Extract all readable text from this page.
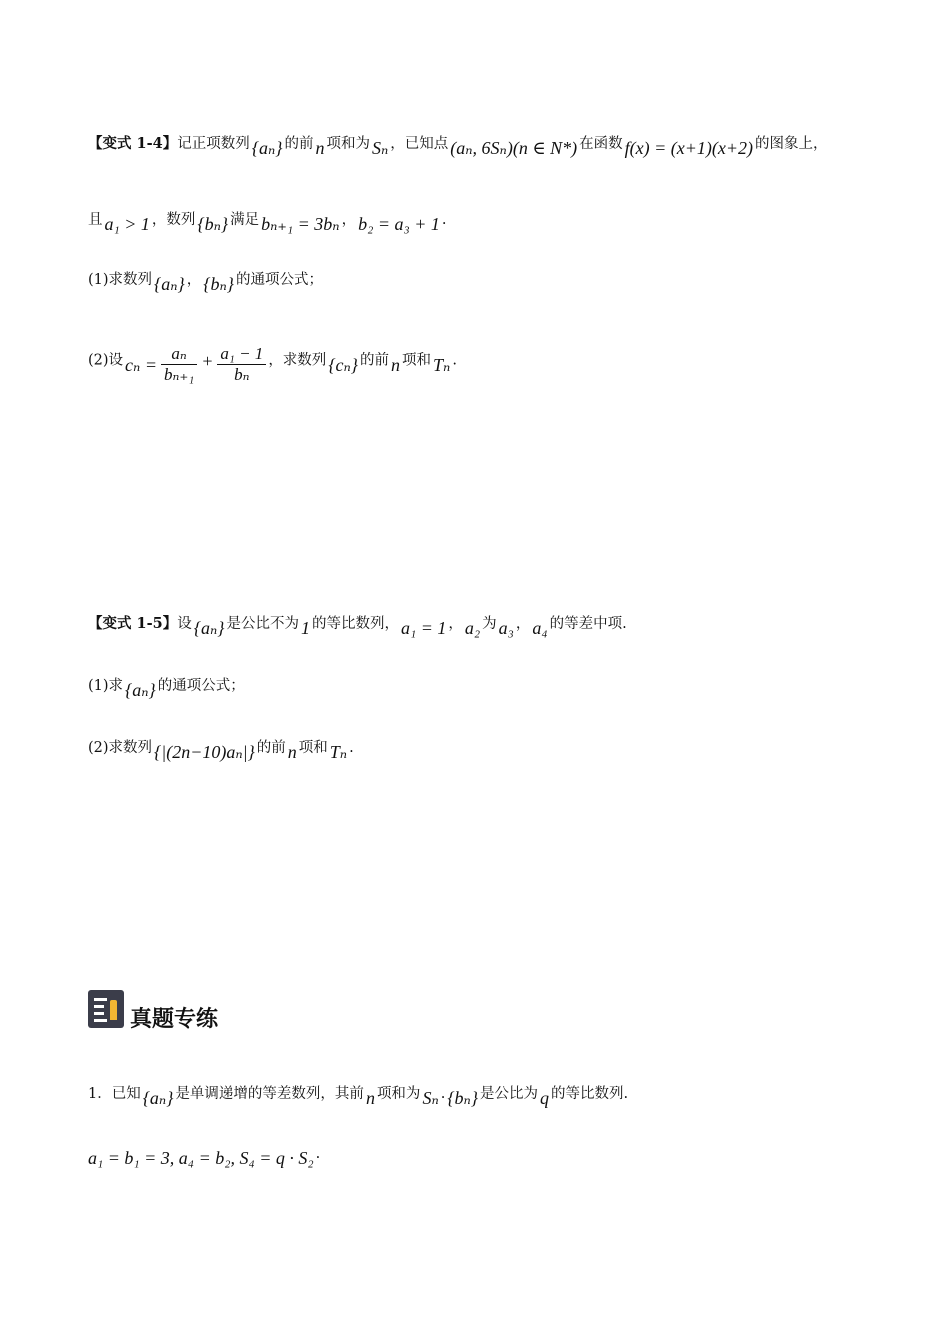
【变式 1-4】记正项数列 {aₙ} 的前 n 项和为 Sₙ ，已知点 (aₙ, 6Sₙ)(n ∈ N*) 在函数 f(x) = (x+1)(x+2) 的图象上，
且 a₁ > 1 ，数列 {bₙ} 满足 bₙ₊₁ = 3bₙ ， b₂ = a₃ + 1 .
(1)求数列 {aₙ} ， {bₙ} 的通项公式；
(2)设 $c_n = \frac{\text{aₙ}}{\text{bₙ₊₁}} + \frac{\text{a₁ − 1}}{\text{bₙ}}$ ，求数列 {cₙ} 的前 n 项和 Tₙ .
【变式 1-5】设 {aₙ} 是公比不为 1 的等比数列， a₁ = 1 ， a₂ 为 a₃ ， a₄ 的等差中项.
(1)求 {aₙ} 的通项公式；
(2)求数列 {|(2n−10)aₙ|} 的前 n 项和 Tₙ .
真题专练
1．已知 {aₙ} 是单调递增的等差数列，其前 n 项和为 Sₙ . {bₙ} 是公比为 q 的等比数列.
a₁ = b₁ = 3, a₄ = b₂, S₄ = q · S₂ .
